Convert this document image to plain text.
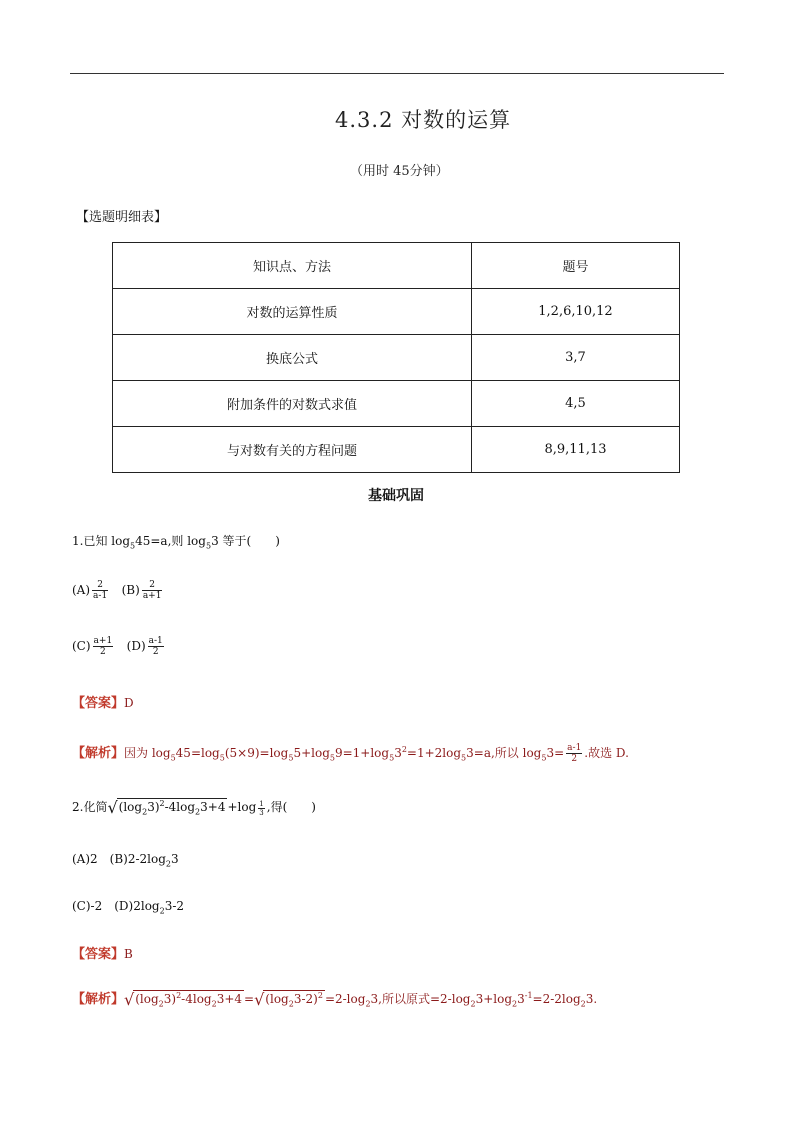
4.3.2 对数的运算
（用时 45分钟）
【选题明细表】
知识点、方法	题号
对数的运算性质	1,2,6,10,12
换底公式	3,7
附加条件的对数式求值	4,5
与对数有关的方程问题	8,9,11,13
基础巩固
1.已知 $\log_545=a$,则 $\log_53$ 等于(　　)
$(A) \frac{2}{a-1} (B) \frac{2}{a+1}$
$(C) \frac{a+1}{2} (D) \frac{a-1}{2}$
【答案】D
【解析】因为 $\log_545=\log_5(5\times 9)=\log_55+\log_59=1+\log_53^2=1+2\log_53=a$,所以 $\log_53= \frac{a-1}{2}$ .故选 D.
2.化简$√(\log_23)^2-4\log_23+4 +\log \frac{1}{3}$ ,得(　　)
(A)2　$(B)2-2\log_23$
(C)-2　$(D)2\log_23-2$
【答案】B
【解析】$√(\log_23)^2-4\log_23+4 =√(\log_23-2)^2 =2-\log_23$,所以原式$=2-\log_23+\log_23^{-1}=2-2\log_23$.
